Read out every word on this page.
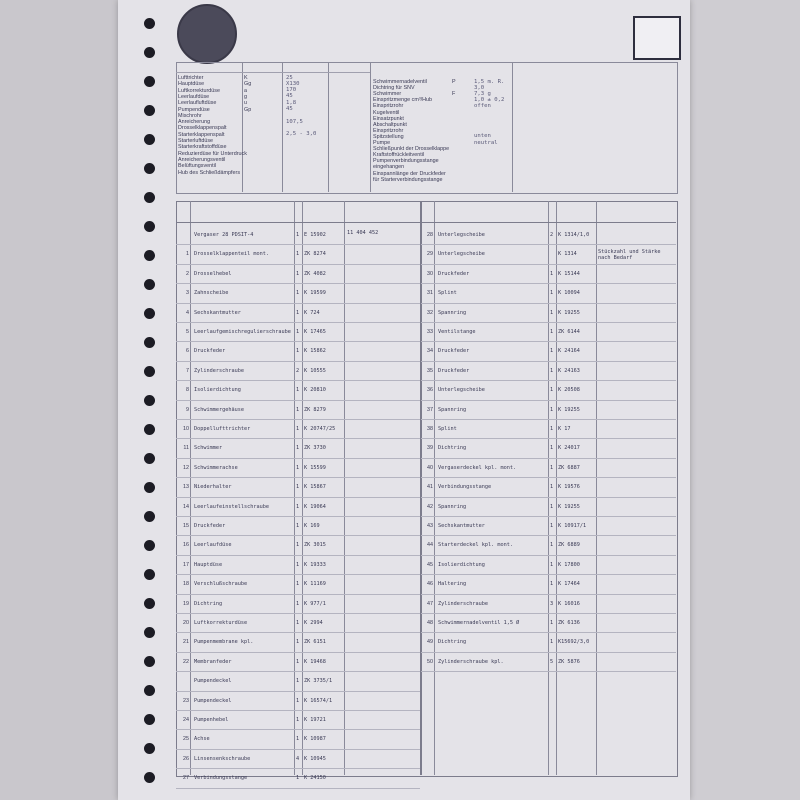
Lufttrichter	K	25
Hauptdüse	Gg	X130
Luftkorrekturdüse	a	170
Leerlaufdüse	g	45
Leerlaufluftdüse	u	1,8
Pumpendüse	Gp	45
Mischrohr
Anreicherung	107,5
Drosselklappenspalt
Starterklappenspalt	2,5 - 3,0
Starterluftdüse
Starterkraftstoffdüse
Reduzierdüse für Unterdruck
Anreicherungsventil
Belüftungsventil
Hub des Schließdämpfers
Schwimmernadelventil	P	1,5 m. R.
Dichtring für SNV	3,0
Schwimmer	F	7,3 g
Einspritzmenge cm³/Hub	1,0 ± 0,2
Einspritzrohr	offen
Kugelventil
Einsatzpunkt
Abschaltpunkt
Einspritzrohr
Spitzstellung	unten
Pumpe	neutral
Schließpunkt der Drosselklappe
Kraftstoffrückleitventil
Pumpenverbindungsstange
eingehangen
Einspannlänge der Druckfeder
für Starterverbindungsstange
Vergaser 28 PDSIT-4	1 E 15902	11 404 452
1 Drosselklappenteil mont.	1 ZK 8274
2 Drosselhebel	1 ZK 4082
3 Zahnscheibe	1 K 19599
4 Sechskantmutter	1 K 724
5 Leerlaufgemischregulierschraube 1 K 17465
6 Druckfeder	1 K 15862
7 Zylinderschraube	2 K 10555
8 Isolierdichtung	1 K 20810
9 Schwimmergehäuse	1 ZK 8279
10 Doppellufttrichter	1 K 20747/25
11 Schwimmer	1 ZK 3730
12 Schwimmerachse	1 K 15599
13 Niederhalter	1 K 15867
14 Leerlaufeinstellschraube	1 K 19064
15 Druckfeder	1 K 169
16 Leerlaufdüse	1 ZK 3015
17 Hauptdüse	1 K 19333
18 Verschlußschraube	1 K 11169
19 Dichtring	1 K 977/1
20 Luftkorrekturdüse	1 K 2994
21 Pumpenmembrane kpl.	1 ZK 6151
22 Membranfeder	1 K 19468
Pumpendeckel	1 ZK 3735/1
23 Pumpendeckel	1 K 16574/1
24 Pumpenhebel	1 K 19721
25 Achse	1 K 10987
26 Linsensenkschraube	4 K 10945
27 Verbindungsstange	1 K 24150
28 Unterlegscheibe	2 K 1314/1,0
29 Unterlegscheibe	K 1314	Stückzahl und Stärke nach Bedarf
30 Druckfeder	1 K 15144
31 Splint	1 K 10094
32 Spannring	1 K 19255
33 Ventilstange	1 ZK 6144
34 Druckfeder	1 K 24164
35 Druckfeder	1 K 24163
36 Unterlegscheibe	1 K 20508
37 Spannring	1 K 19255
38 Splint	1 K 17
39 Dichtring	1 K 24017
40 Vergaserdeckel kpl. mont.	1 ZK 6887
41 Verbindungsstange	1 K 19576
42 Spannring	1 K 19255
43 Sechskantmutter	1 K 10917/1
44 Starterdeckel kpl. mont.	1 ZK 6889
45 Isolierdichtung	1 K 17800
46 Haltering	1 K 17464
47 Zylinderschraube	3 K 16016
48 Schwimmernadelventil 1,5 Ø	1 ZK 6136
49 Dichtring	1 K15692/3,0
50 Zylinderschraube kpl.	5 ZK 5876
